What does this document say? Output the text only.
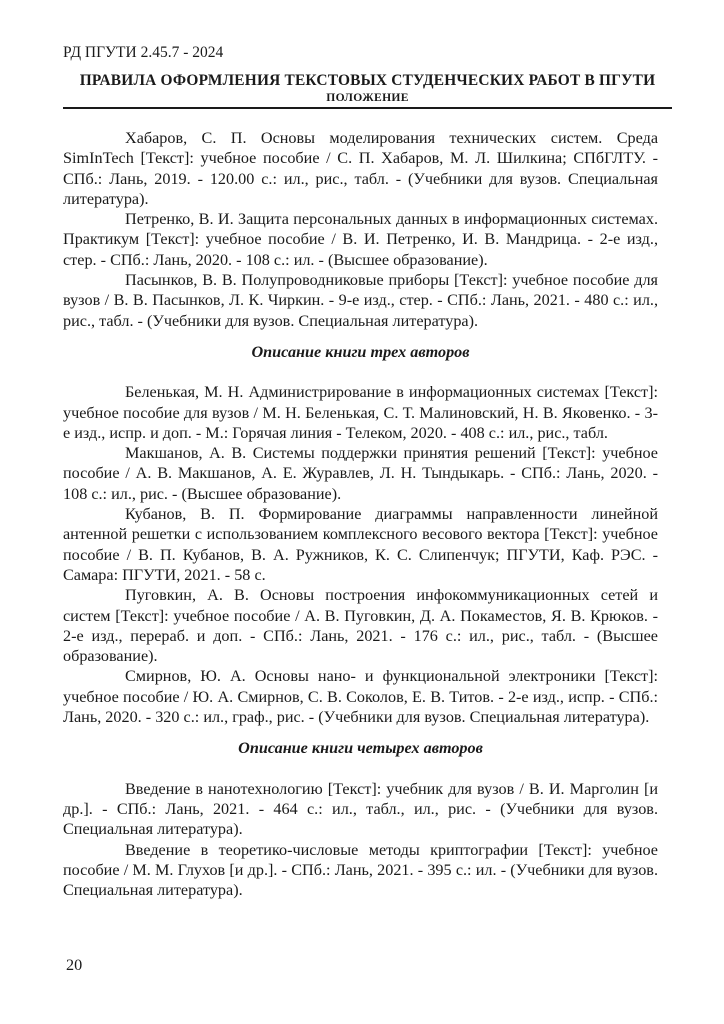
РД ПГУТИ 2.45.7 - 2024
ПРАВИЛА ОФОРМЛЕНИЯ ТЕКСТОВЫХ СТУДЕНЧЕСКИХ РАБОТ В ПГУТИ
ПОЛОЖЕНИЕ

Хабаров, С. П. Основы моделирования технических систем. Среда SimInTech [Текст]: учебное пособие / С. П. Хабаров, М. Л. Шилкина; СПбГЛТУ. - СПб.: Лань, 2019. - 120.00 с.: ил., рис., табл. - (Учебники для вузов. Специальная литература).

Петренко, В. И. Защита персональных данных в информационных системах. Практикум [Текст]: учебное пособие / В. И. Петренко, И. В. Мандрица. - 2-е изд., стер. - СПб.: Лань, 2020. - 108 с.: ил. - (Высшее образование).

Пасынков, В. В. Полупроводниковые приборы [Текст]: учебное пособие для вузов / В. В. Пасынков, Л. К. Чиркин. - 9-е изд., стер. - СПб.: Лань, 2021. - 480 с.: ил., рис., табл. - (Учебники для вузов. Специальная литература).

Описание книги трех авторов

Беленькая, М. Н. Администрирование в информационных системах [Текст]: учебное пособие для вузов / М. Н. Беленькая, С. Т. Малиновский, Н. В. Яковенко. - 3-е изд., испр. и доп. - М.: Горячая линия - Телеком, 2020. - 408 с.: ил., рис., табл.

Макшанов, А. В. Системы поддержки принятия решений [Текст]: учебное пособие / А. В. Макшанов, А. Е. Журавлев, Л. Н. Тындыкарь. - СПб.: Лань, 2020. - 108 с.: ил., рис. - (Высшее образование).

Кубанов, В. П. Формирование диаграммы направленности линейной антенной решетки с использованием комплексного весового вектора [Текст]: учебное пособие / В. П. Кубанов, В. А. Ружников, К. С. Слипенчук; ПГУТИ, Каф. РЭС. - Самара: ПГУТИ, 2021. - 58 с.

Пуговкин, А. В. Основы построения инфокоммуникационных сетей и систем [Текст]: учебное пособие / А. В. Пуговкин, Д. А. Покаместов, Я. В. Крюков. - 2-е изд., перераб. и доп. - СПб.: Лань, 2021. - 176 с.: ил., рис., табл. - (Высшее образование).

Смирнов, Ю. А. Основы нано- и функциональной электроники [Текст]: учебное пособие / Ю. А. Смирнов, С. В. Соколов, Е. В. Титов. - 2-е изд., испр. - СПб.: Лань, 2020. - 320 с.: ил., граф., рис. - (Учебники для вузов. Специальная литература).

Описание книги четырех авторов

Введение в нанотехнологию [Текст]: учебник для вузов / В. И. Марголин [и др.]. - СПб.: Лань, 2021. - 464 с.: ил., табл., ил., рис. - (Учебники для вузов. Специальная литература).

Введение в теоретико-числовые методы криптографии [Текст]: учебное пособие / М. М. Глухов [и др.]. - СПб.: Лань, 2021. - 395 с.: ил. - (Учебники для вузов. Специальная литература).

20
